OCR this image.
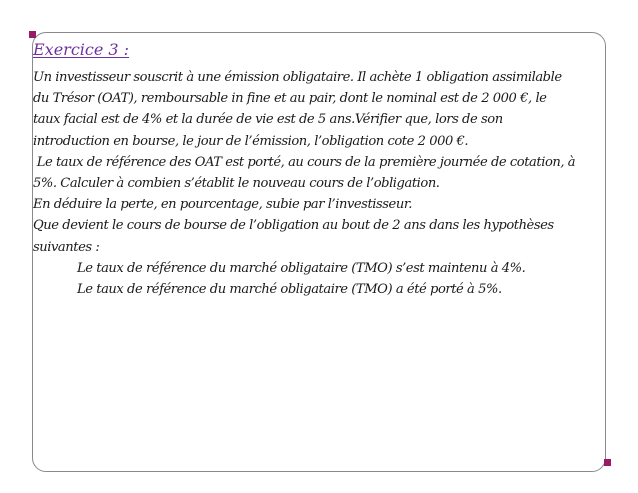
Exercice 3 :

Un investisseur souscrit à une émission obligataire. Il achète 1 obligation assimilable

du Trésor (OAT), remboursable in fine et au pair, dont le nominal est de 2 000 €, le

taux facial est de 4% et la durée de vie est de 5 ans.Vérifier que, lors de son

introduction en bourse, le jour de l’émission, l’obligation cote 2 000 €.

Le taux de référence des OAT est porté, au cours de la première journée de cotation, à

5%. Calculer à combien s’établit le nouveau cours de l’obligation.

En déduire la perte, en pourcentage, subie par l’investisseur.

Que devient le cours de bourse de l’obligation au bout de 2 ans dans les hypothèses

suivantes :

Le taux de référence du marché obligataire (TMO) s’est maintenu à 4%.

Le taux de référence du marché obligataire (TMO) a été porté à 5%.
